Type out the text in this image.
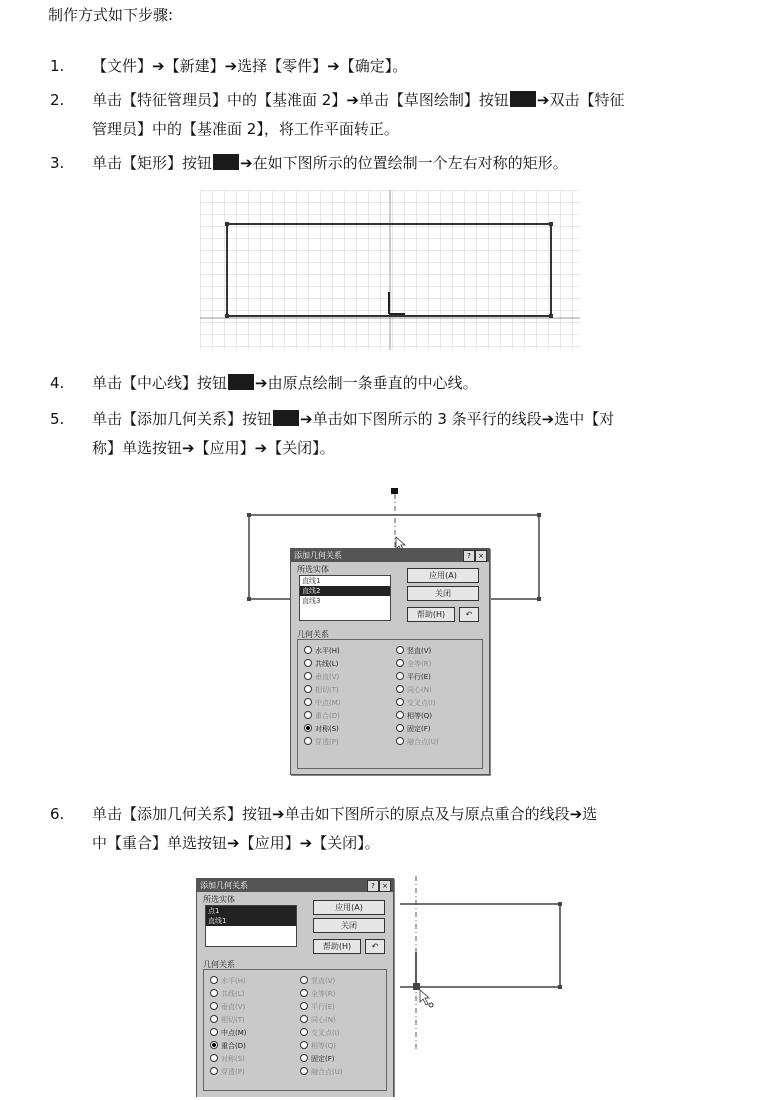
制作方式如下步骤:
1.	【文件】➔【新建】➔选择【零件】➔【确定】。
2.	单击【特征管理员】中的【基准面 2】➔单击【草图绘制】按钮 ➔双击【特征
管理员】中的【基准面 2】，将工作平面转正。
3.	单击【矩形】按钮 ➔在如下图所示的位置绘制一个左右对称的矩形。
4.	单击【中心线】按钮 ➔由原点绘制一条垂直的中心线。
5.	单击【添加几何关系】按钮 ➔单击如下图所示的 3 条平行的线段➔选中【对
称】单选按钮➔【应用】➔【关闭】。
添加几何关系	?	×
所选实体
直线1
直线2
直线3
应用(A)
关闭
帮助(H)	↶
几何关系
水平(H)
共线(L)
垂直(V)
相切(T)
中点(M)
重合(D)
对称(S)
穿透(P)
竖直(V)
全等(R)
平行(E)
同心(N)
交叉点(I)
相等(Q)
固定(F)
融合点(U)
6.	单击【添加几何关系】按钮➔单击如下图所示的原点及与原点重合的线段➔选
中【重合】单选按钮➔【应用】➔【关闭】。
添加几何关系	?	×
所选实体
点1
直线1
应用(A)
关闭
帮助(H)	↶
几何关系
水平(H)
共线(L)
垂直(V)
相切(T)
中点(M)
重合(D)
对称(S)
穿透(P)
竖直(V)
全等(R)
平行(E)
同心(N)
交叉点(I)
相等(Q)
固定(F)
融合点(U)
